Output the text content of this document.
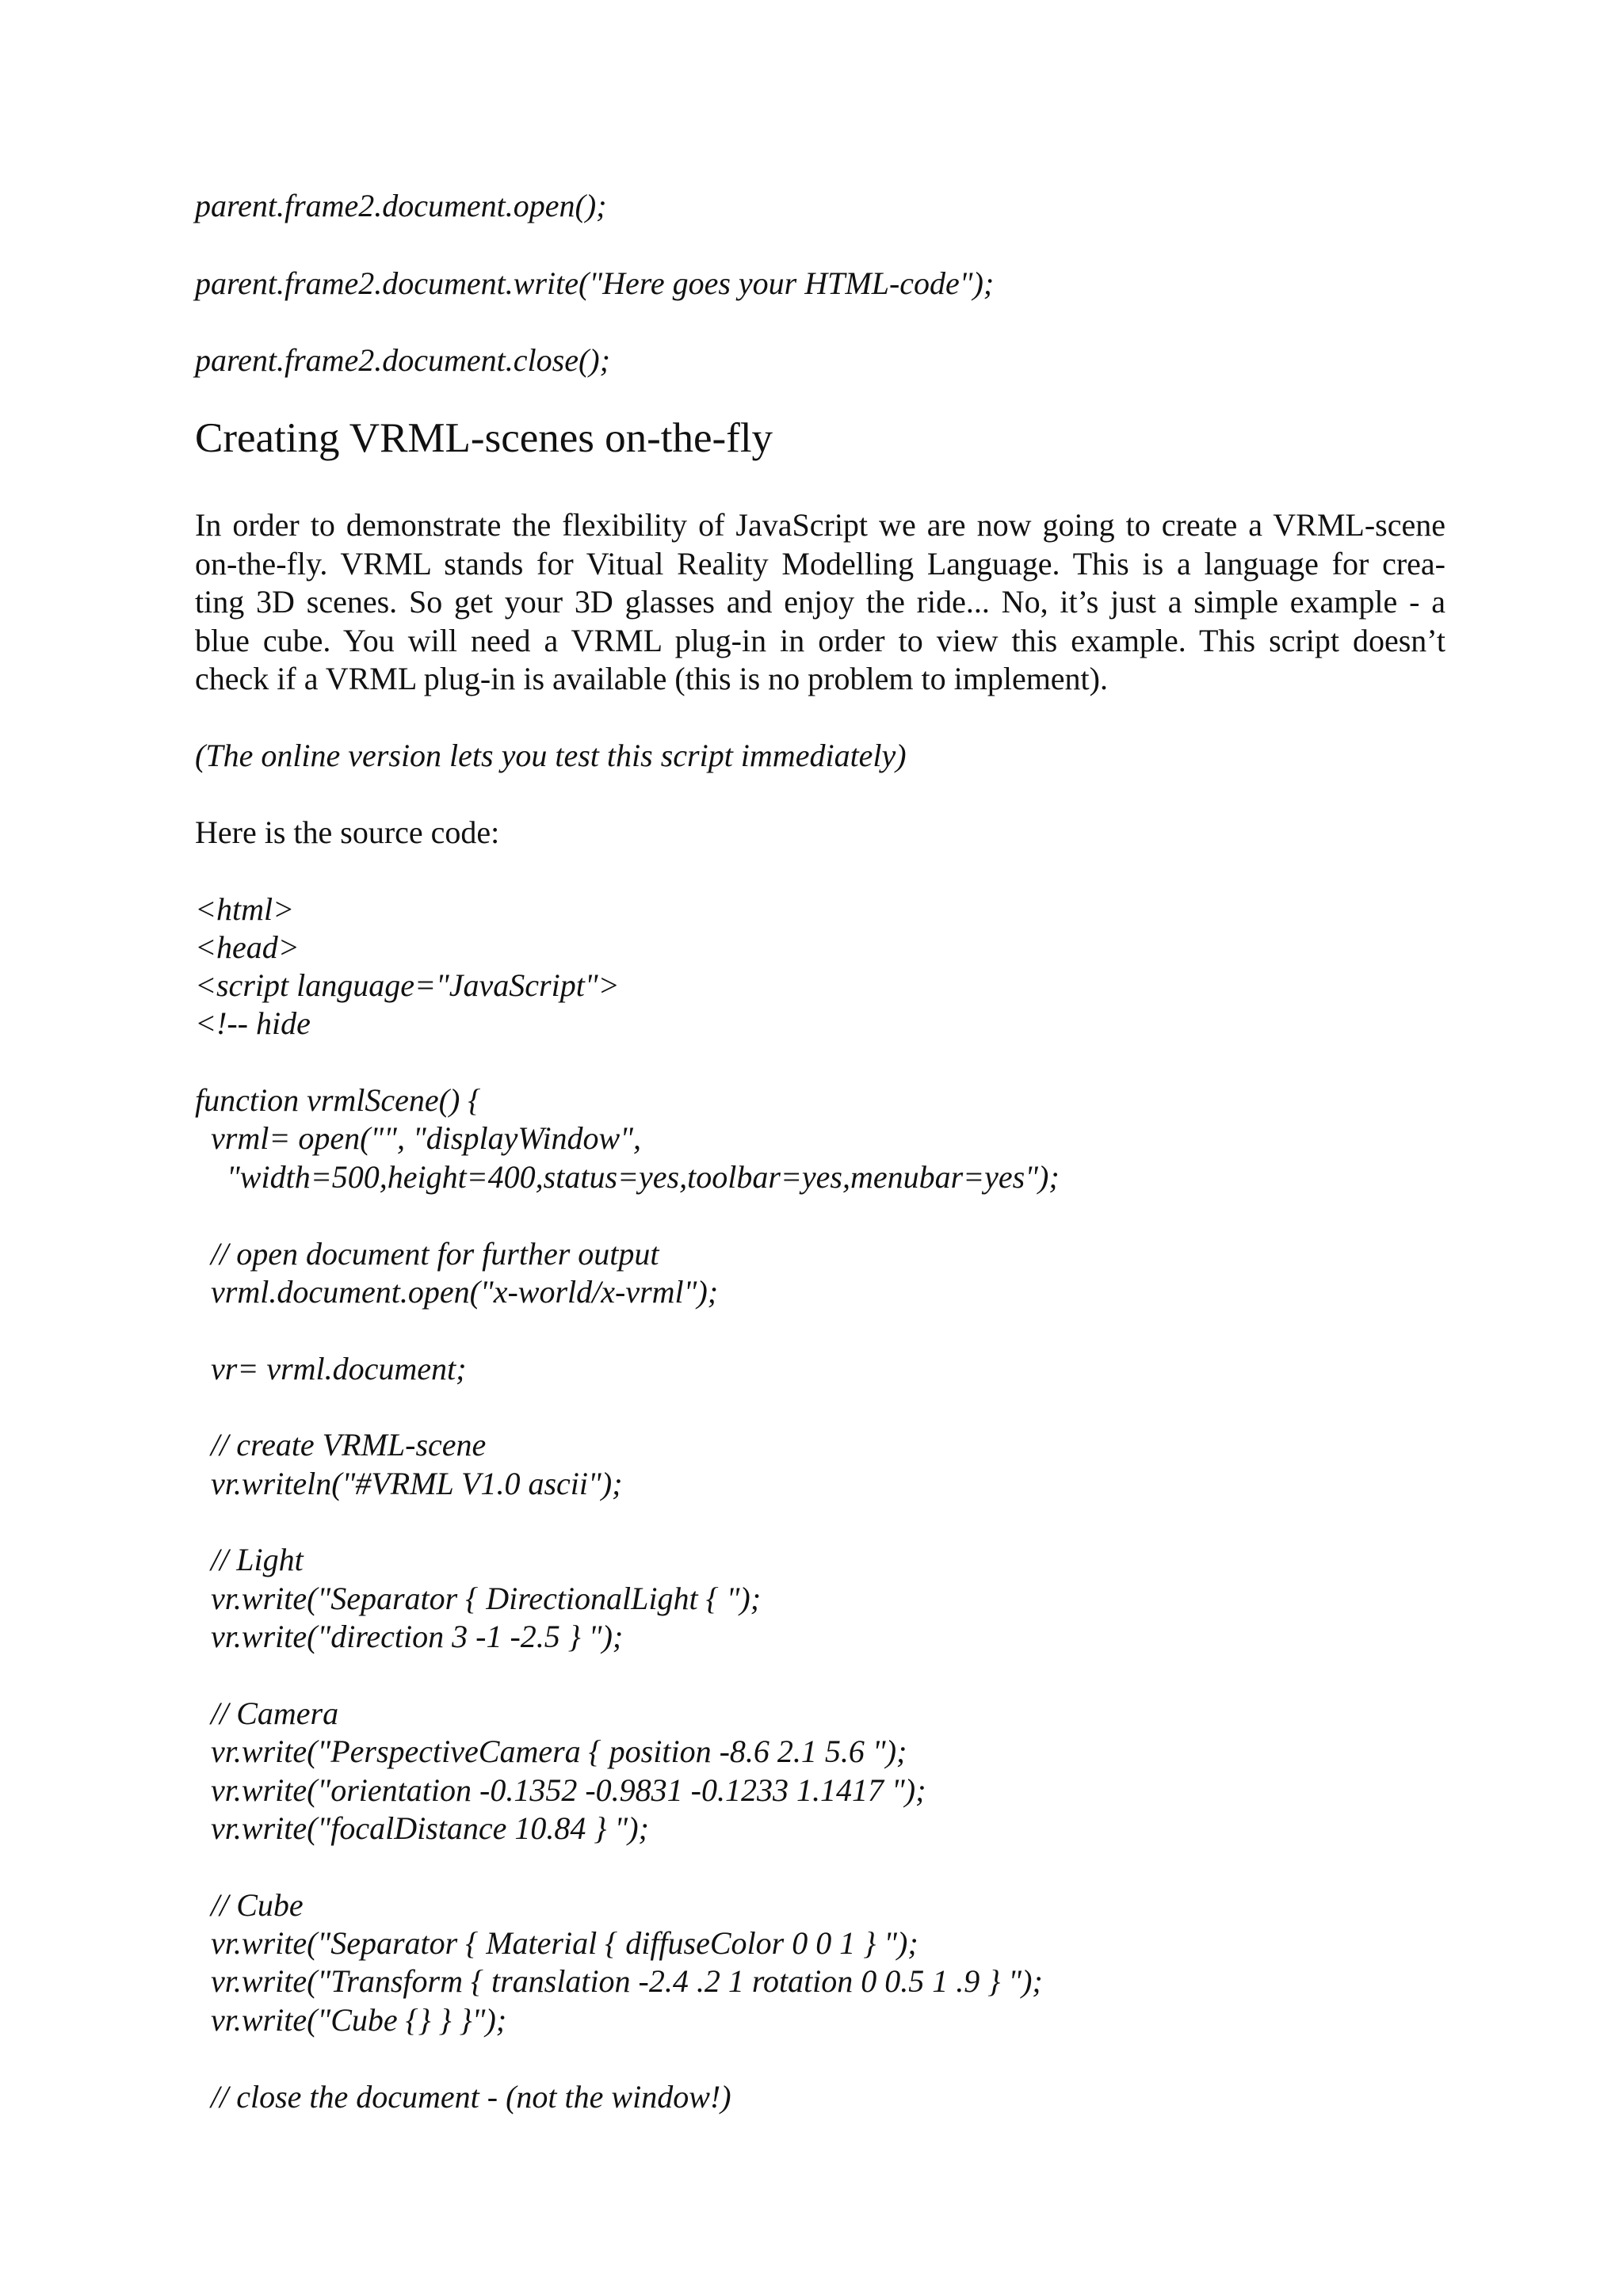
parent.frame2.document.open();
parent.frame2.document.write("Here goes your HTML-code");
parent.frame2.document.close();
Creating VRML-scenes on-the-fly
In order to demonstrate the flexibility of JavaScript we are now going to create a VRML-scene
on-the-fly. VRML stands for Vitual Reality Modelling Language. This is a language for crea-
ting 3D scenes. So get your 3D glasses and enjoy the ride... No, it’s just a simple example - a
blue cube. You will need a VRML plug-in in order to view this example. This script doesn’t
check if a VRML plug-in is available (this is no problem to implement).
(The online version lets you test this script immediately)
Here is the source code:
<html>
<head>
<script language="JavaScript">
<!-- hide
function vrmlScene() {
vrml= open("", "displayWindow",
"width=500,height=400,status=yes,toolbar=yes,menubar=yes");
// open document for further output
vrml.document.open("x-world/x-vrml");
vr= vrml.document;
// create VRML-scene
vr.writeln("#VRML V1.0 ascii");
// Light
vr.write("Separator { DirectionalLight { ");
vr.write("direction 3 -1 -2.5 } ");
// Camera
vr.write("PerspectiveCamera { position -8.6 2.1 5.6 ");
vr.write("orientation -0.1352 -0.9831 -0.1233 1.1417 ");
vr.write("focalDistance 10.84 } ");
// Cube
vr.write("Separator { Material { diffuseColor 0 0 1 } ");
vr.write("Transform { translation -2.4 .2 1 rotation 0 0.5 1 .9 } ");
vr.write("Cube {} } }");
// close the document - (not the window!)
